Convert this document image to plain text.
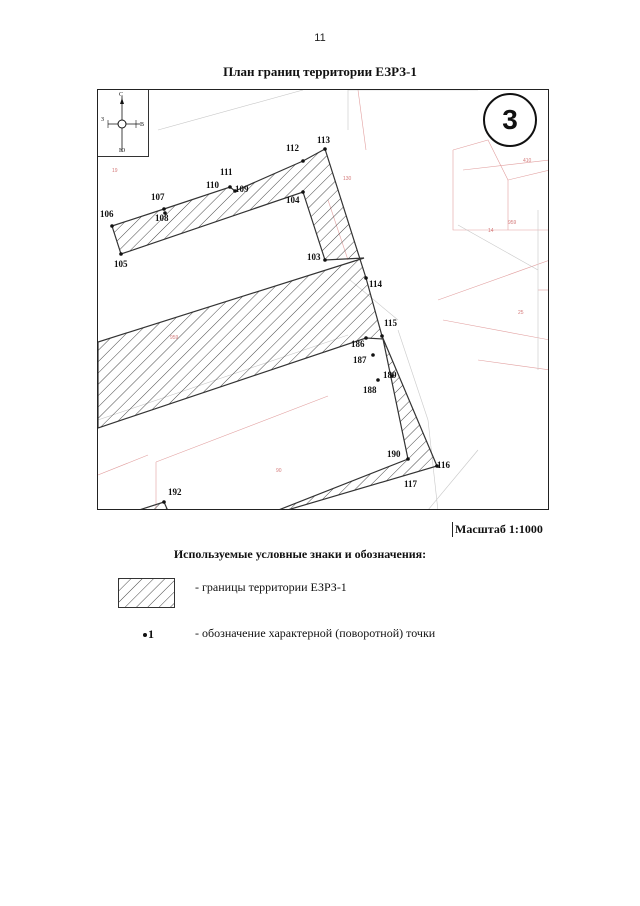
11
План границ территории ЕЗРЗ-1
С
Ю
З
В	3
959
959
130
25
90
14
19
410
106
105
107
108
110 109
111
112
113
104
103
114
115
186
187
189
188
190
116
117
192
Масштаб 1:1000
Используемые условные знаки и обозначения:
- границы территории ЕЗРЗ-1
1	- обозначение характерной (поворотной) точки
